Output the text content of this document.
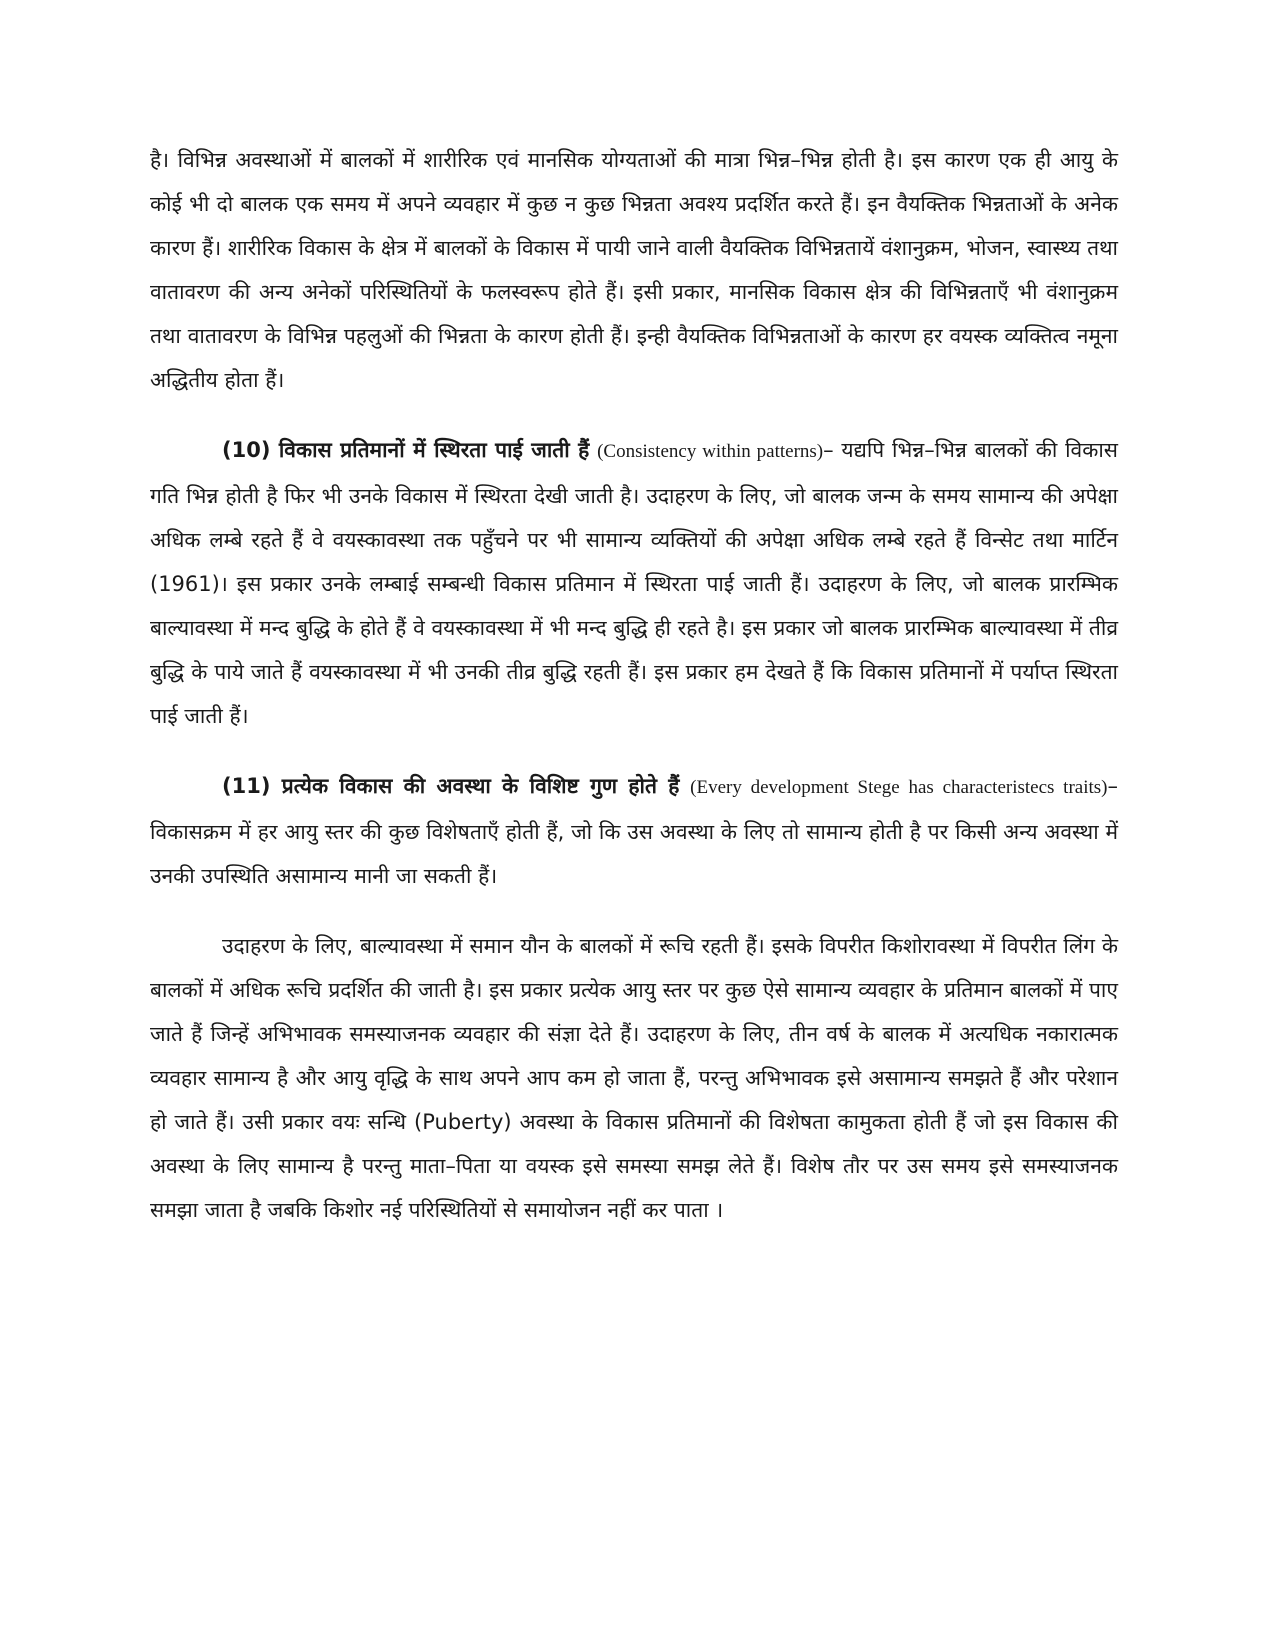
है। विभिन्न अवस्थाओं में बालकों में शारीरिक एवं मानसिक योग्यताओं की मात्रा भिन्न–भिन्न होती है। इस कारण एक ही आयु के कोई भी दो बालक एक समय में अपने व्यवहार में कुछ न कुछ भिन्नता अवश्य प्रदर्शित करते हैं। इन वैयक्तिक भिन्नताओं के अनेक कारण हैं। शारीरिक विकास के क्षेत्र में बालकों के विकास में पायी जाने वाली वैयक्तिक विभिन्नतायें वंशानुक्रम, भोजन, स्वास्थ्य तथा वातावरण की अन्य अनेकों परिस्थितियों के फलस्वरूप होते हैं। इसी प्रकार, मानसिक विकास क्षेत्र की विभिन्नताएँ भी वंशानुक्रम तथा वातावरण के विभिन्न पहलुओं की भिन्नता के कारण होती हैं। इन्ही वैयक्तिक विभिन्नताओं के कारण हर वयस्क व्यक्तित्व नमूना अद्धितीय होता हैं।

(10) विकास प्रतिमानों में स्थिरता पाई जाती हैं (Consistency within patterns)– यद्यपि भिन्न–भिन्न बालकों की विकास गति भिन्न होती है फिर भी उनके विकास में स्थिरता देखी जाती है। उदाहरण के लिए, जो बालक जन्म के समय सामान्य की अपेक्षा अधिक लम्बे रहते हैं वे वयस्कावस्था तक पहुँचने पर भी सामान्य व्यक्तियों की अपेक्षा अधिक लम्बे रहते हैं विन्सेट तथा मार्टिन (1961)। इस प्रकार उनके लम्बाई सम्बन्धी विकास प्रतिमान में स्थिरता पाई जाती हैं। उदाहरण के लिए, जो बालक प्रारम्भिक बाल्यावस्था में मन्द बुद्धि के होते हैं वे वयस्कावस्था में भी मन्द बुद्धि ही रहते है। इस प्रकार जो बालक प्रारम्भिक बाल्यावस्था में तीव्र बुद्धि के पाये जाते हैं वयस्कावस्था में भी उनकी तीव्र बुद्धि रहती हैं। इस प्रकार हम देखते हैं कि विकास प्रतिमानों में पर्याप्त स्थिरता पाई जाती हैं।

(11) प्रत्येक विकास की अवस्था के विशिष्ट गुण होते हैं (Every development Stege has characteristecs traits)– विकासक्रम में हर आयु स्तर की कुछ विशेषताएँ होती हैं, जो कि उस अवस्था के लिए तो सामान्य होती है पर किसी अन्य अवस्था में उनकी उपस्थिति असामान्य मानी जा सकती हैं।

उदाहरण के लिए, बाल्यावस्था में समान यौन के बालकों में रूचि रहती हैं। इसके विपरीत किशोरावस्था में विपरीत लिंग के बालकों में अधिक रूचि प्रदर्शित की जाती है। इस प्रकार प्रत्येक आयु स्तर पर कुछ ऐसे सामान्य व्यवहार के प्रतिमान बालकों में पाए जाते हैं जिन्हें अभिभावक समस्याजनक व्यवहार की संज्ञा देते हैं। उदाहरण के लिए, तीन वर्ष के बालक में अत्यधिक नकारात्मक व्यवहार सामान्य है और आयु वृद्धि के साथ अपने आप कम हो जाता हैं, परन्तु अभिभावक इसे असामान्य समझते हैं और परेशान हो जाते हैं। उसी प्रकार वयः सन्धि (Puberty) अवस्था के विकास प्रतिमानों की विशेषता कामुकता होती हैं जो इस विकास की अवस्था के लिए सामान्य है परन्तु माता–पिता या वयस्क इसे समस्या समझ लेते हैं। विशेष तौर पर उस समय इसे समस्याजनक समझा जाता है जबकि किशोर नई परिस्थितियों से समायोजन नहीं कर पाता ।
